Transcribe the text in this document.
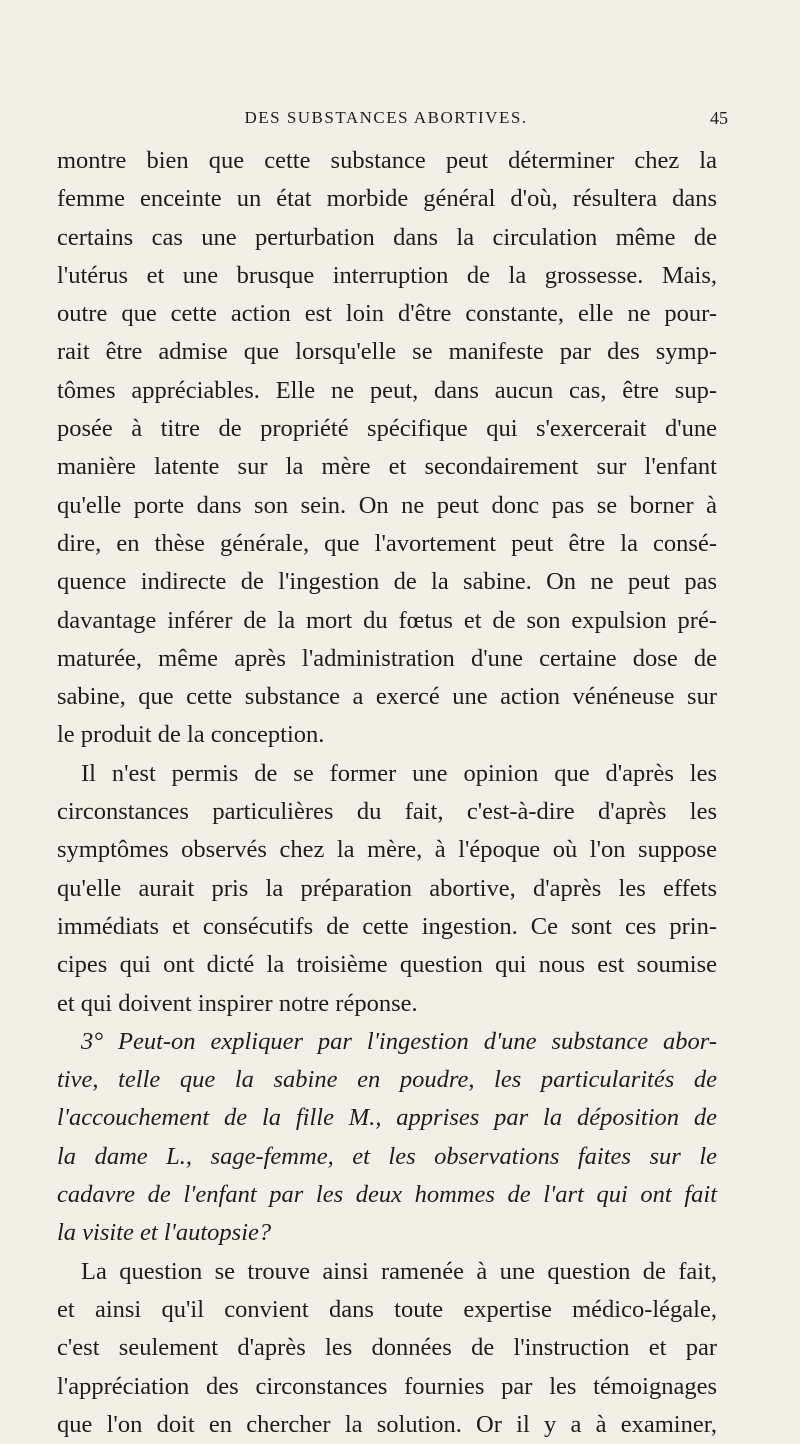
DES SUBSTANCES ABORTIVES.	45
montre bien que cette substance peut déterminer chez la
femme enceinte un état morbide général d'où, résultera dans
certains cas une perturbation dans la circulation même de
l'utérus et une brusque interruption de la grossesse. Mais,
outre que cette action est loin d'être constante, elle ne pour-
rait être admise que lorsqu'elle se manifeste par des symp-
tômes appréciables. Elle ne peut, dans aucun cas, être sup-
posée à titre de propriété spécifique qui s'exercerait d'une
manière latente sur la mère et secondairement sur l'enfant
qu'elle porte dans son sein. On ne peut donc pas se borner à
dire, en thèse générale, que l'avortement peut être la consé-
quence indirecte de l'ingestion de la sabine. On ne peut pas
davantage inférer de la mort du fœtus et de son expulsion pré-
maturée, même après l'administration d'une certaine dose de
sabine, que cette substance a exercé une action vénéneuse sur
le produit de la conception.
Il n'est permis de se former une opinion que d'après les
circonstances particulières du fait, c'est-à-dire d'après les
symptômes observés chez la mère, à l'époque où l'on suppose
qu'elle aurait pris la préparation abortive, d'après les effets
immédiats et consécutifs de cette ingestion. Ce sont ces prin-
cipes qui ont dicté la troisième question qui nous est soumise
et qui doivent inspirer notre réponse.
3° Peut-on expliquer par l'ingestion d'une substance abor-
tive, telle que la sabine en poudre, les particularités de
l'accouchement de la fille M., apprises par la déposition de
la dame L., sage-femme, et les observations faites sur le
cadavre de l'enfant par les deux hommes de l'art qui ont fait
la visite et l'autopsie?
La question se trouve ainsi ramenée à une question de fait,
et ainsi qu'il convient dans toute expertise médico-légale,
c'est seulement d'après les données de l'instruction et par
l'appréciation des circonstances fournies par les témoignages
que l'on doit en chercher la solution. Or il y a à examiner,
